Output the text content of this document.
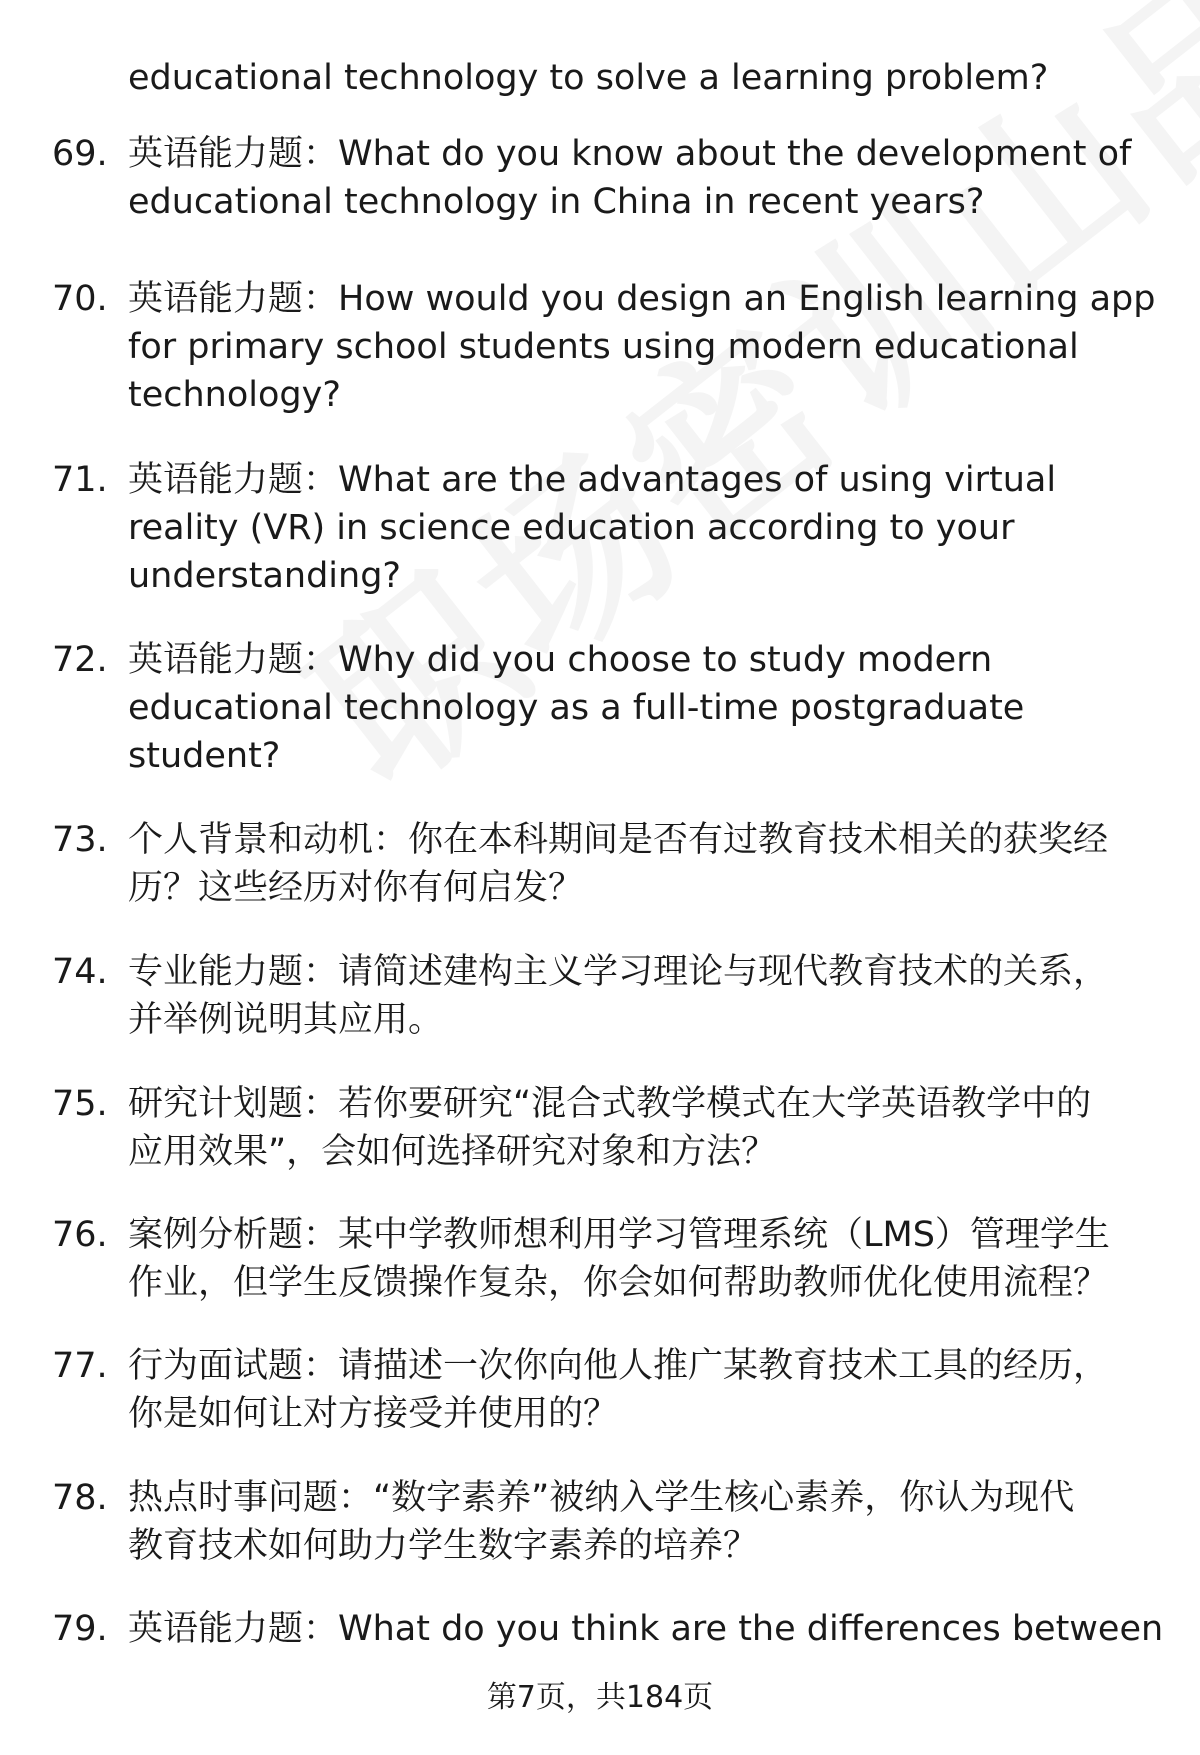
educational technology to solve a learning problem?
69. 英语能力题：What do you know about the development of
educational technology in China in recent years?
70. 英语能力题：How would you design an English learning app
for primary school students using modern educational
technology?
71. 英语能力题：What are the advantages of using virtual
reality (VR) in science education according to your
understanding?
72. 英语能力题：Why did you choose to study modern
educational technology as a full-time postgraduate
student?
73. 个人背景和动机：你在本科期间是否有过教育技术相关的获奖经
历？这些经历对你有何启发？
74. 专业能力题：请简述建构主义学习理论与现代教育技术的关系，
并举例说明其应用。
75. 研究计划题：若你要研究“混合式教学模式在大学英语教学中的
应用效果”，会如何选择研究对象和方法？
76. 案例分析题：某中学教师想利用学习管理系统（LMS）管理学生
作业，但学生反馈操作复杂，你会如何帮助教师优化使用流程？
77. 行为面试题：请描述一次你向他人推广某教育技术工具的经历，
你是如何让对方接受并使用的？
78. 热点时事问题：“数字素养”被纳入学生核心素养，你认为现代
教育技术如何助力学生数字素养的培养？
79. 英语能力题：What do you think are the differences between
第7页，共184页
